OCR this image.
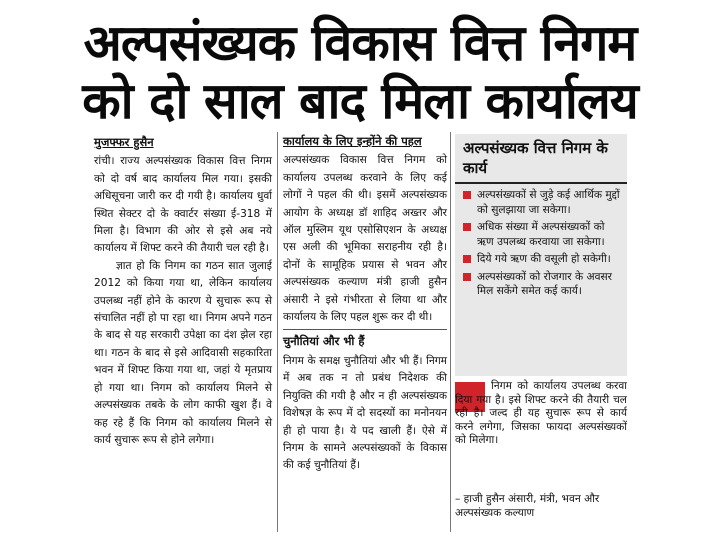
अल्पसंख्यक विकास वित्त निगम
को दो साल बाद मिला कार्यालय
मुजफ्फर हुसैन

रांची। राज्य अल्पसंख्यक विकास वित्त निगम को दो वर्ष बाद कार्यालय मिल गया। इसकी अधिसूचना जारी कर दी गयी है। कार्यालय धुर्वा स्थित सेक्टर दो के क्वार्टर संख्या ई-318 में मिला है। विभाग की ओर से इसे अब नये कार्यालय में शिफ्ट करने की तैयारी चल रही है।

ज्ञात हो कि निगम का गठन सात जुलाई 2012 को किया गया था, लेकिन कार्यालय उपलब्ध नहीं होने के कारण ये सुचारू रूप से संचालित नहीं हो पा रहा था। निगम अपने गठन के बाद से यह सरकारी उपेक्षा का दंश झेल रहा था। गठन के बाद से इसे आदिवासी सहकारिता भवन में शिफ्ट किया गया था, जहां ये मृतप्राय हो गया था। निगम को कार्यालय मिलने से अल्पसंख्यक तबके के लोग काफी खुश हैं। वे कह रहे हैं कि निगम को कार्यालय मिलने से कार्य सुचारू रूप से होने लगेगा।

कार्यालय के लिए इन्होंने की पहल

अल्पसंख्यक विकास वित्त निगम को कार्यालय उपलब्ध करवाने के लिए कई लोगों ने पहल की थी। इसमें अल्पसंख्यक आयोग के अध्यक्ष डॉ शाहिद अख्तर और ऑल मुस्लिम यूथ एसोसिएशन के अध्यक्ष एस अली की भूमिका सराहनीय रही है। दोनों के सामूहिक प्रयास से भवन और अल्पसंख्यक कल्याण मंत्री हाजी हुसैन अंसारी ने इसे गंभीरता से लिया था और कार्यालय के लिए पहल शुरू कर दी थी।

चुनौतियां और भी हैं

निगम के समक्ष चुनौतियां और भी हैं। निगम में अब तक न तो प्रबंध निदेशक की नियुक्ति की गयी है और न ही अल्पसंख्यक विशेषज्ञ के रूप में दो सदस्यों का मनोनयन ही हो पाया है। ये पद खाली हैं। ऐसे में निगम के सामने अल्पसंख्यकों के विकास की कई चुनौतियां हैं।

अल्पसंख्यक वित्त निगम के कार्य
अल्पसंख्यकों से जुड़े कई आर्थिक मुद्दों को सुलझाया जा सकेगा।
अधिक संख्या में अल्पसंख्यकों को ऋण उपलब्ध करवाया जा सकेगा।
दिये गये ऋण की वसूली हो सकेगी।
अल्पसंख्यकों को रोजगार के अवसर मिल सकेंगे समेत कई कार्य।
निगम को कार्यालय उपलब्ध करवा दिया गया है। इसे शिफ्ट करने की तैयारी चल रही है। जल्द ही यह सुचारू रूप से कार्य करने लगेगा, जिसका फायदा अल्पसंख्यकों को मिलेगा।
– हाजी हुसैन अंसारी, मंत्री, भवन और अल्पसंख्यक कल्याण
